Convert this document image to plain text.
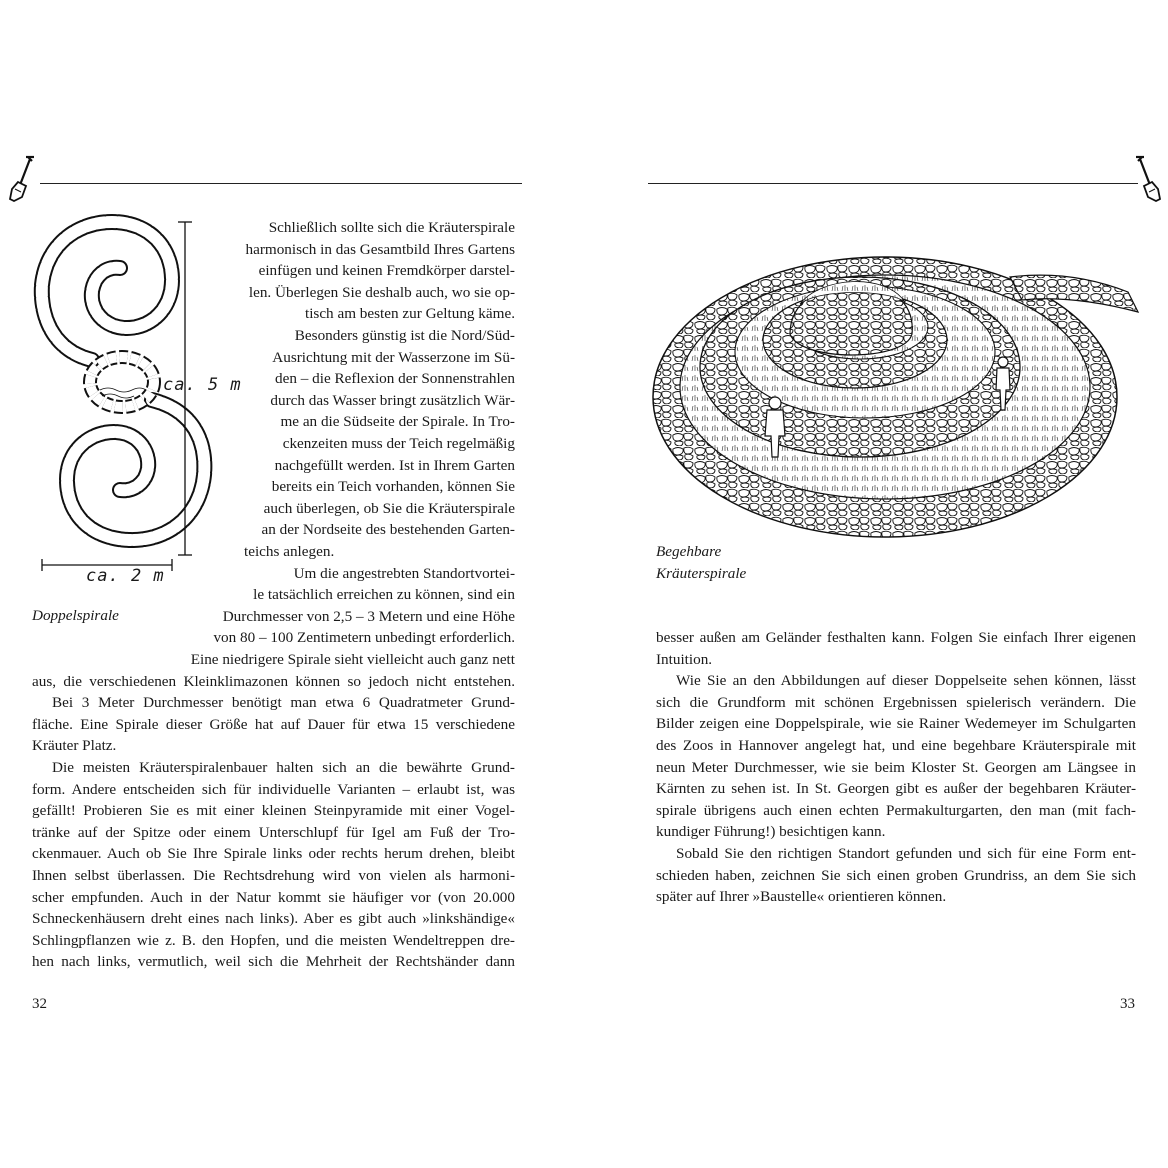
ca. 5 m
ca. 2 m
Doppelspirale
Schließlich sollte sich die Kräuterspirale
harmonisch in das Gesamtbild Ihres Gartens
einfügen und keinen Fremdkörper darstel-
len. Überlegen Sie deshalb auch, wo sie op-
tisch am besten zur Geltung käme.
Besonders günstig ist die Nord/Süd-
Ausrichtung mit der Wasserzone im Sü-
den – die Reflexion der Sonnenstrahlen
durch das Wasser bringt zusätzlich Wär-
me an die Südseite der Spirale. In Tro-
ckenzeiten muss der Teich regelmäßig
nachgefüllt werden. Ist in Ihrem Garten
bereits ein Teich vorhanden, können Sie
auch überlegen, ob Sie die Kräuterspirale
an der Nordseite des bestehenden Garten-
teichs anlegen.
Um die angestrebten Standortvortei-
le tatsächlich erreichen zu können, sind ein
Durchmesser von 2,5 – 3 Metern und eine Höhe
von 80 – 100 Zentimetern unbedingt erforderlich.
Eine niedrigere Spirale sieht vielleicht auch ganz nett
aus, die verschiedenen Kleinklimazonen können so jedoch nicht entstehen.
Bei 3 Meter Durchmesser benötigt man etwa 6 Quadratmeter Grund-
fläche. Eine Spirale dieser Größe hat auf Dauer für etwa 15 verschiedene
Kräuter Platz.
Die meisten Kräuterspiralenbauer halten sich an die bewährte Grund-
form. Andere entscheiden sich für individuelle Varianten – erlaubt ist, was
gefällt! Probieren Sie es mit einer kleinen Steinpyramide mit einer Vogel-
tränke auf der Spitze oder einem Unterschlupf für Igel am Fuß der Tro-
ckenmauer. Auch ob Sie Ihre Spirale links oder rechts herum drehen, bleibt
Ihnen selbst überlassen. Die Rechtsdrehung wird von vielen als harmoni-
scher empfunden. Auch in der Natur kommt sie häufiger vor (von 20.000
Schneckenhäusern dreht eines nach links). Aber es gibt auch »linkshändige«
Schlingpflanzen wie z. B. den Hopfen, und die meisten Wendeltreppen dre-
hen nach links, vermutlich, weil sich die Mehrheit der Rechtshänder dann
32
Begehbare
Kräuterspirale
besser außen am Geländer festhalten kann. Folgen Sie einfach Ihrer eigenen
Intuition.
Wie Sie an den Abbildungen auf dieser Doppelseite sehen können, lässt
sich die Grundform mit schönen Ergebnissen spielerisch verändern. Die
Bilder zeigen eine Doppelspirale, wie sie Rainer Wedemeyer im Schulgarten
des Zoos in Hannover angelegt hat, und eine begehbare Kräuterspirale mit
neun Meter Durchmesser, wie sie beim Kloster St. Georgen am Längsee in
Kärnten zu sehen ist. In St. Georgen gibt es außer der begehbaren Kräuter-
spirale übrigens auch einen echten Permakulturgarten, den man (mit fach-
kundiger Führung!) besichtigen kann.
Sobald Sie den richtigen Standort gefunden und sich für eine Form ent-
schieden haben, zeichnen Sie sich einen groben Grundriss, an dem Sie sich
später auf Ihrer »Baustelle« orientieren können.
33
